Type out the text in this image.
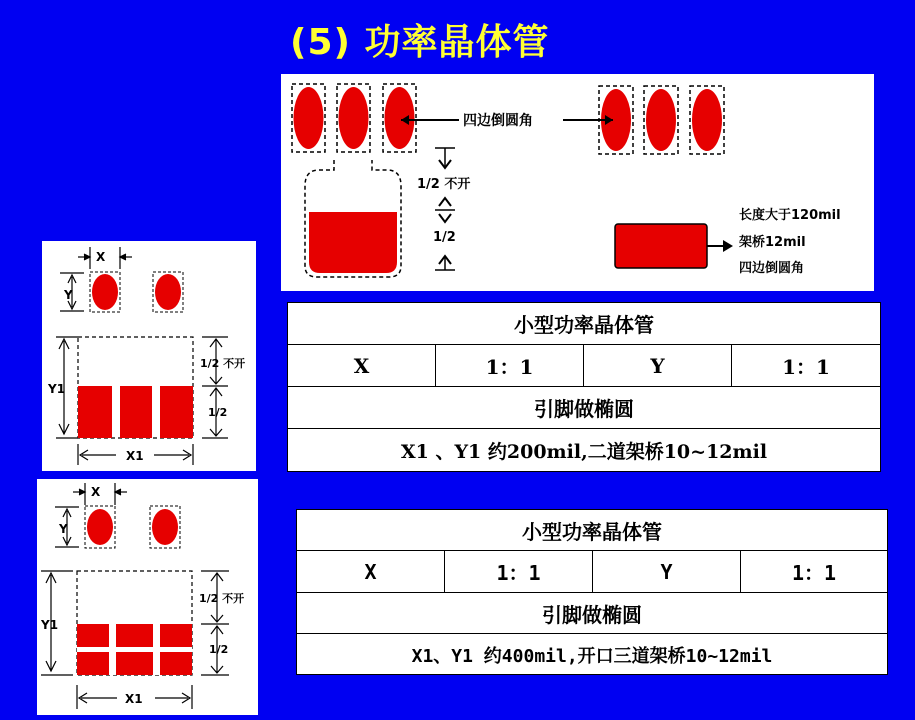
(5) 功率晶体管
四边倒圆角
1/2 不开
1/2
长度大于120mil
架桥12mil
四边倒圆角
X
Y
Y1
X1
1/2 不开
1/2
X
Y
Y1
X1
1/2 不开
1/2
小型功率晶体管
X	1：1	Y	1：1
引脚做椭圆
X1 、Y1 约200mil,二道架桥10~12mil
小型功率晶体管
X	1：1	Y	1：1
引脚做椭圆
X1、Y1 约400mil,开口三道架桥10~12mil
